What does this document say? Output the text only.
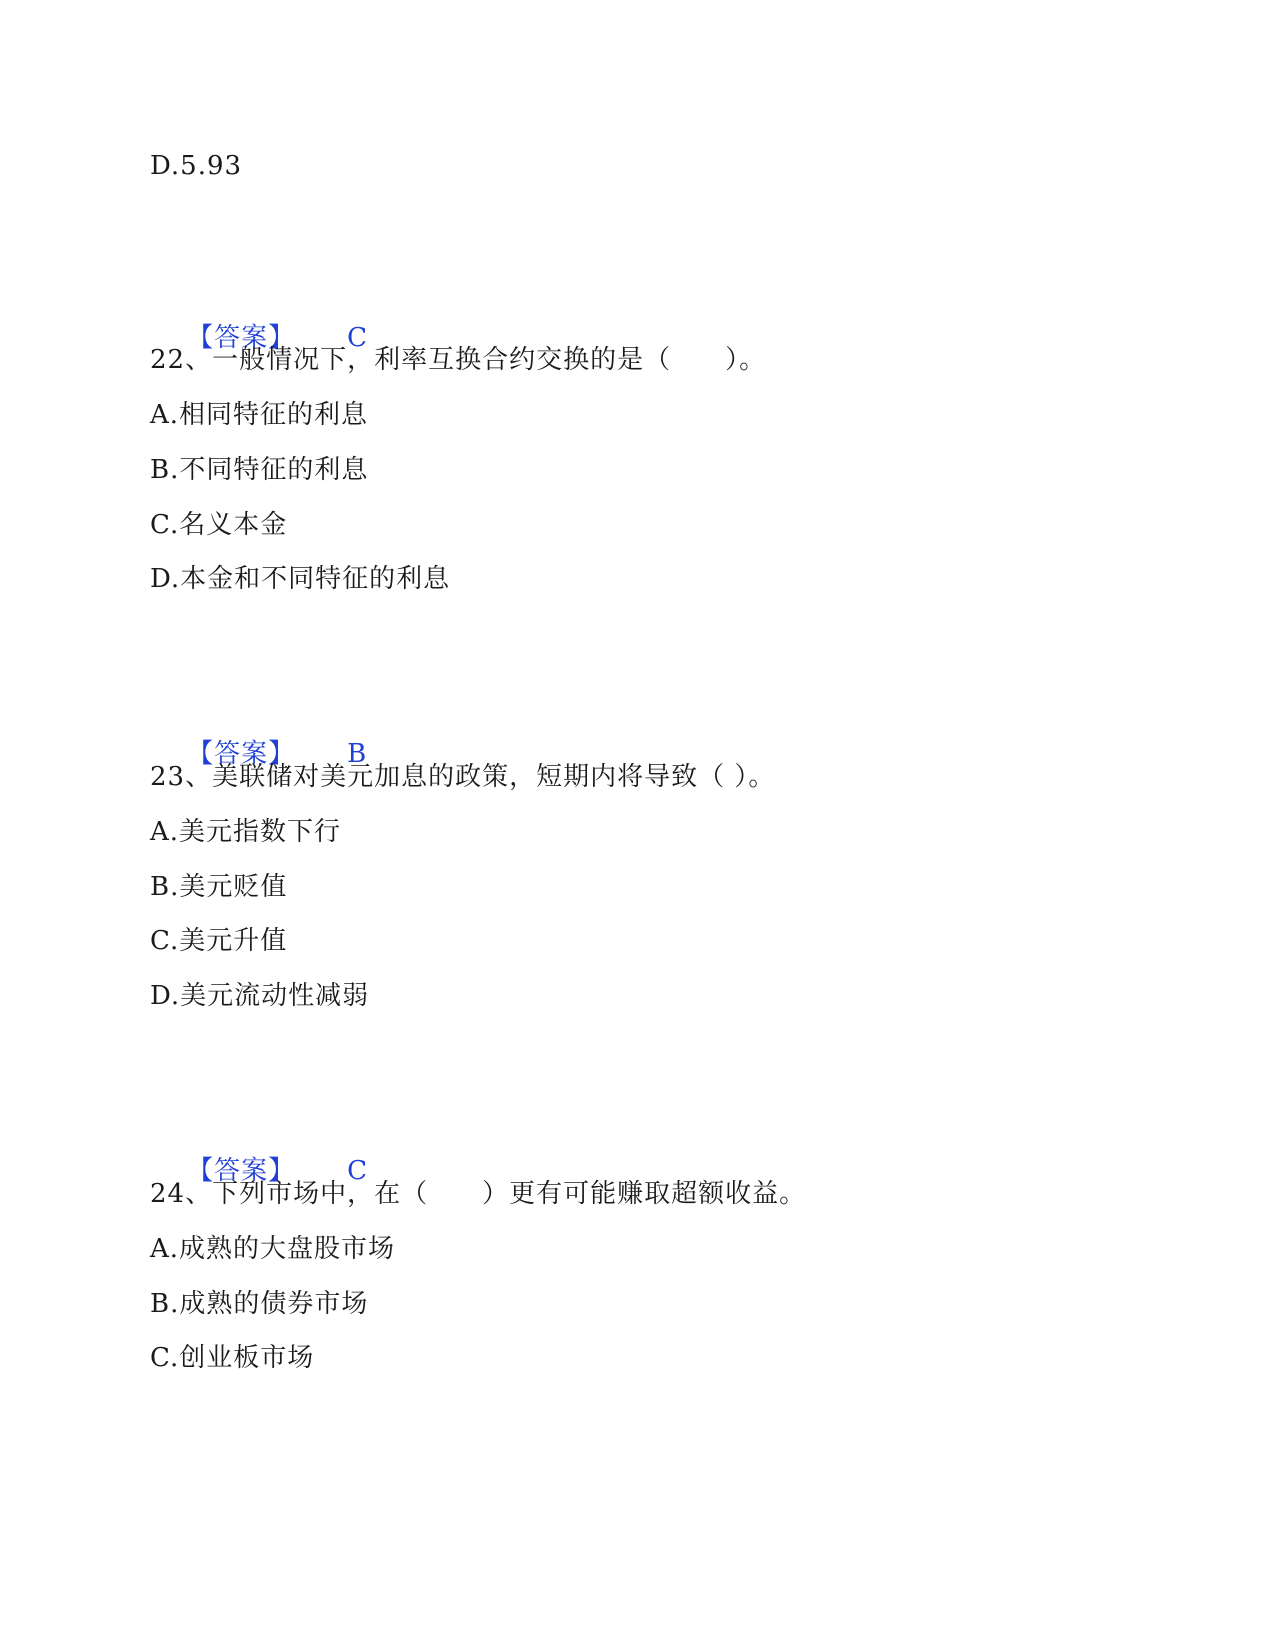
D.5.93

【答案】 C

22、一般情况下，利率互换合约交换的是（　　）。
A.相同特征的利息
B.不同特征的利息
C.名义本金
D.本金和不同特征的利息

【答案】 B

23、美联储对美元加息的政策，短期内将导致（ ）。
A.美元指数下行
B.美元贬值
C.美元升值
D.美元流动性减弱

【答案】 C

24、下列市场中，在（　　）更有可能赚取超额收益。
A.成熟的大盘股市场
B.成熟的债券市场
C.创业板市场
